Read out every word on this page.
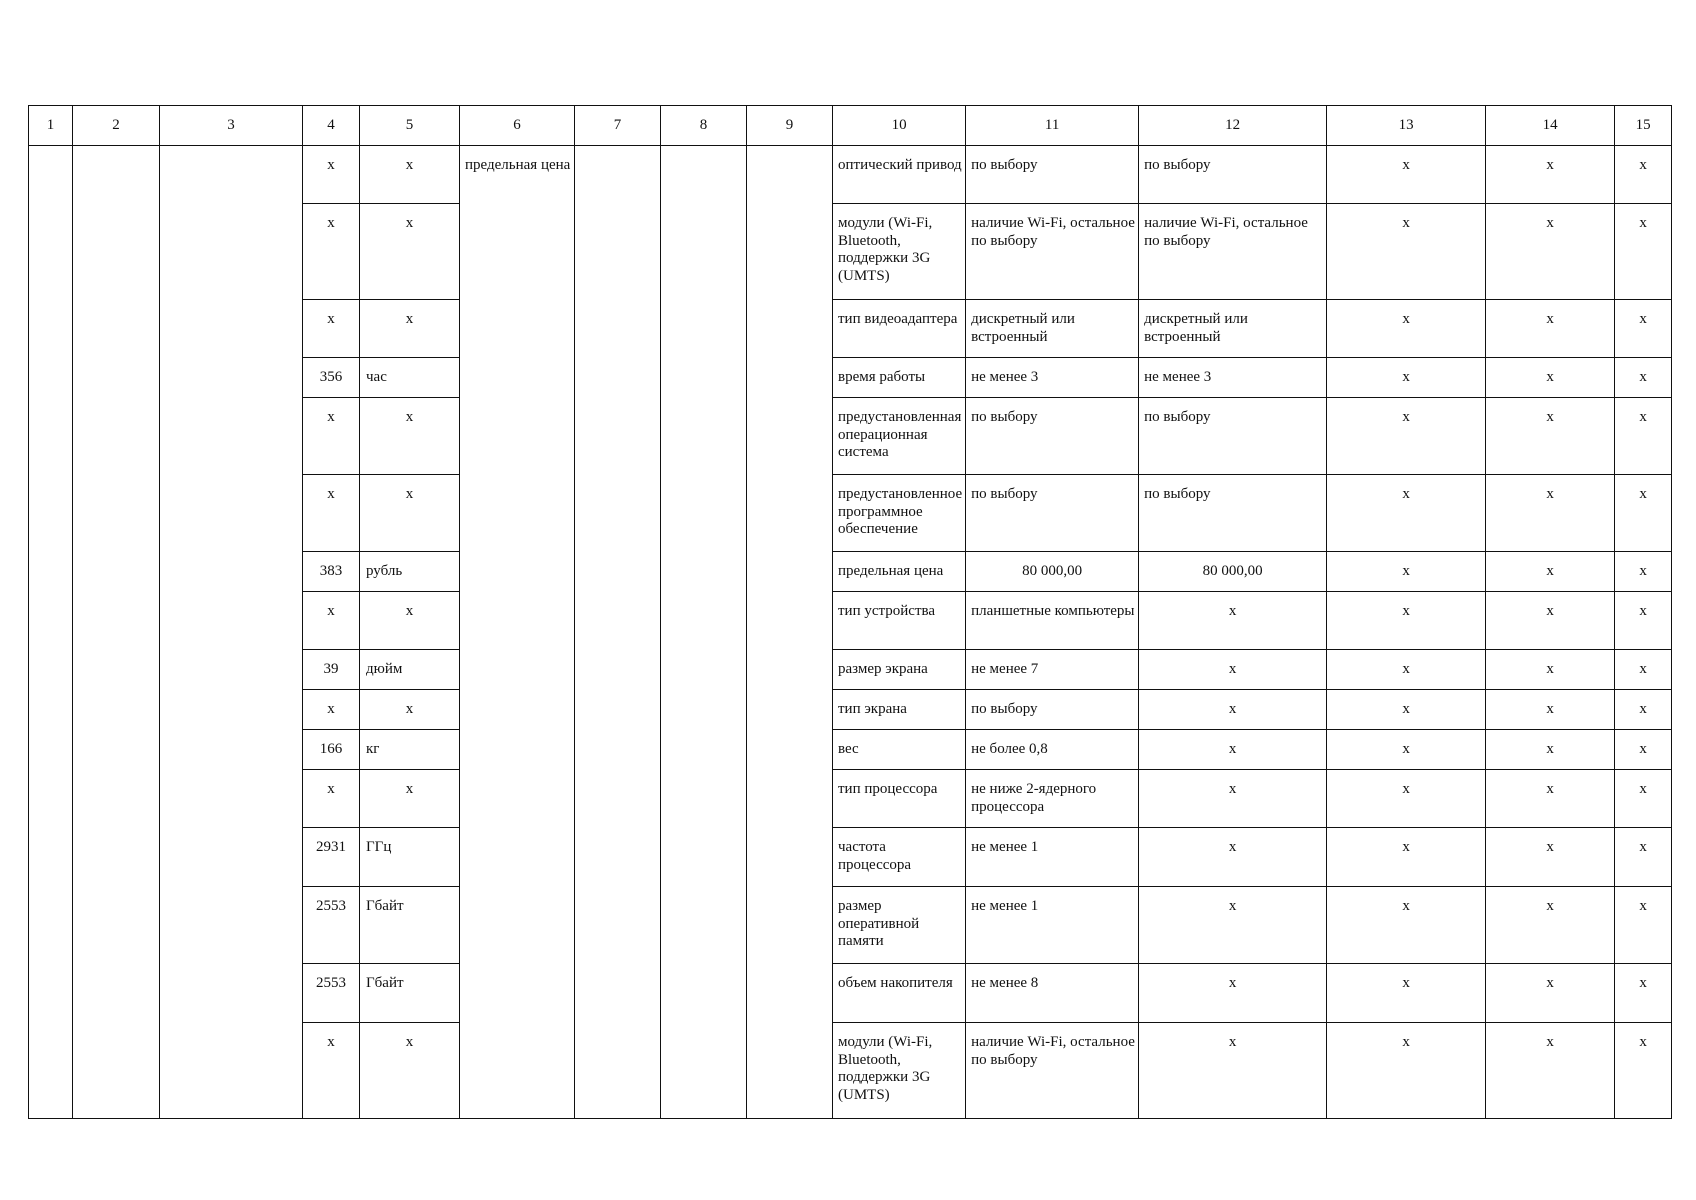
1	2	3	4	5	6	7	8	9	10	11	12	13	14	15
			x	x	предельная цена				оптический привод	по выбору	по выбору	x	x	x
			x	x					модули (Wi-Fi, Bluetooth, поддержки 3G (UMTS)	наличие Wi-Fi, остальное по выбору	наличие Wi-Fi, остальное по выбору	x	x	x
			x	x					тип видеоадаптера	дискретный или встроенный	дискретный или встроенный	x	x	x
			356	час					время работы	не менее 3	не менее 3	x	x	x
			x	x					предустановленная операционная система	по выбору	по выбору	x	x	x
			x	x					предустановленное программное обеспечение	по выбору	по выбору	x	x	x
			383	рубль					предельная цена	80 000,00	80 000,00	x	x	x
			x	x					тип устройства	планшетные компьютеры	x	x	x	x
			39	дюйм					размер экрана	не менее 7	x	x	x	x
			x	x					тип экрана	по выбору	x	x	x	x
			166	кг					вес	не более 0,8	x	x	x	x
			x	x					тип процессора	не ниже 2-ядерного процессора	x	x	x	x
			2931	ГГц					частота процессора	не менее 1	x	x	x	x
			2553	Гбайт					размер оперативной памяти	не менее 1	x	x	x	x
			2553	Гбайт					объем накопителя	не менее 8	x	x	x	x
			x	x					модули (Wi-Fi, Bluetooth, поддержки 3G (UMTS)	наличие Wi-Fi, остальное по выбору	x	x	x	x
